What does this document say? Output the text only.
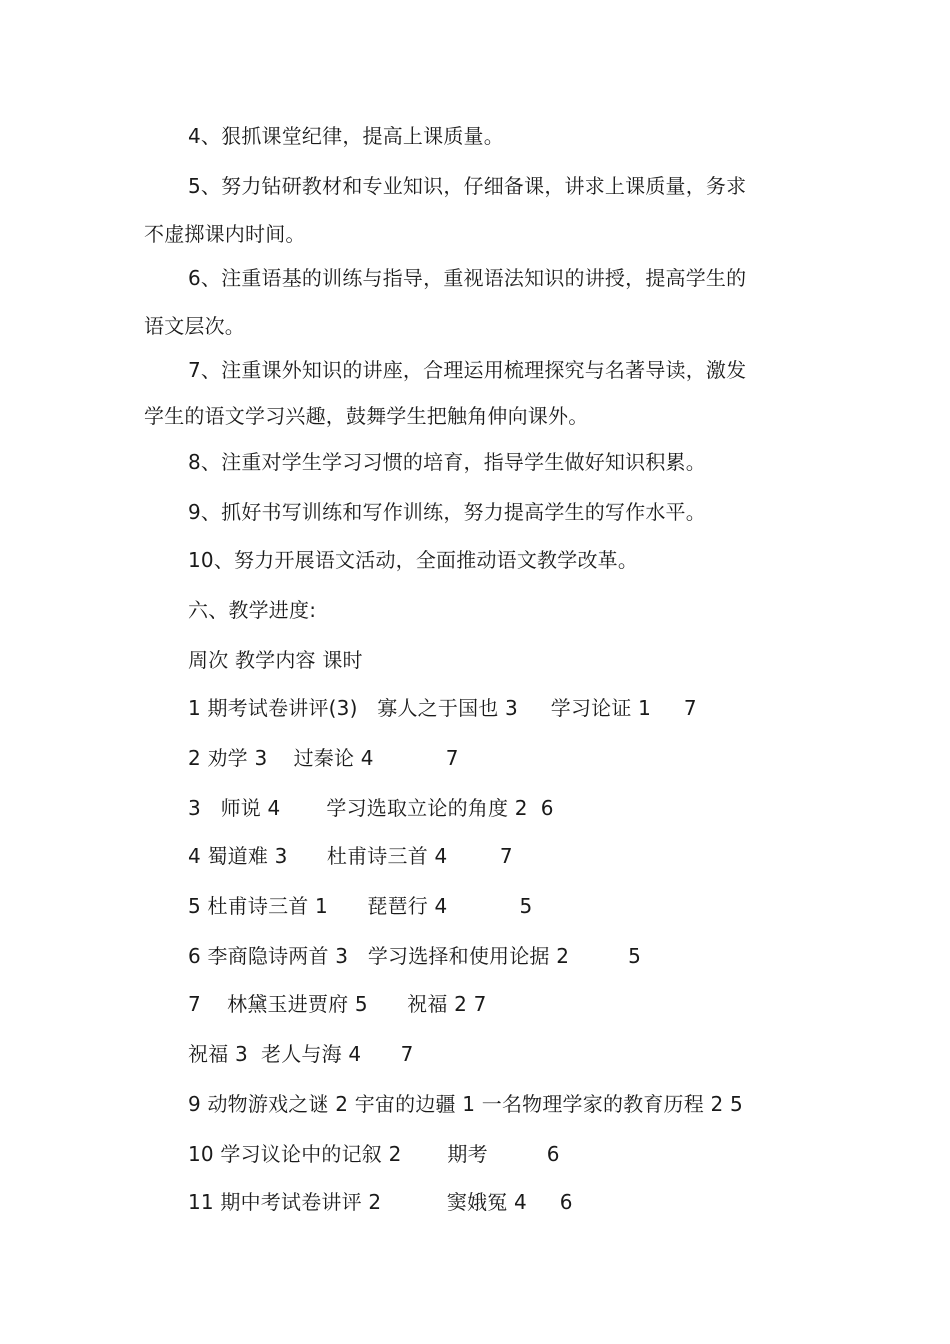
4、狠抓课堂纪律，提高上课质量。
5、努力钻研教材和专业知识，仔细备课，讲求上课质量，务求
不虚掷课内时间。
6、注重语基的训练与指导，重视语法知识的讲授，提高学生的
语文层次。
7、注重课外知识的讲座，合理运用梳理探究与名著导读，激发
学生的语文学习兴趣，鼓舞学生把触角伸向课外。
8、注重对学生学习习惯的培育，指导学生做好知识积累。
9、抓好书写训练和写作训练，努力提高学生的写作水平。
10、努力开展语文活动，全面推动语文教学改革。
六、教学进度:
周次 教学内容 课时
1 期考试卷讲评(3)   寡人之于国也 3     学习论证 1     7
2 劝学 3    过秦论 4           7
3   师说 4       学习选取立论的角度 2  6
4 蜀道难 3      杜甫诗三首 4        7
5 杜甫诗三首 1      琵琶行 4           5
6 李商隐诗两首 3   学习选择和使用论据 2         5
7    林黛玉进贾府 5      祝福 2 7
祝福 3  老人与海 4      7
9 动物游戏之谜 2 宇宙的边疆 1 一名物理学家的教育历程 2 5
10 学习议论中的记叙 2       期考         6
11 期中考试卷讲评 2          窦娥冤 4     6
